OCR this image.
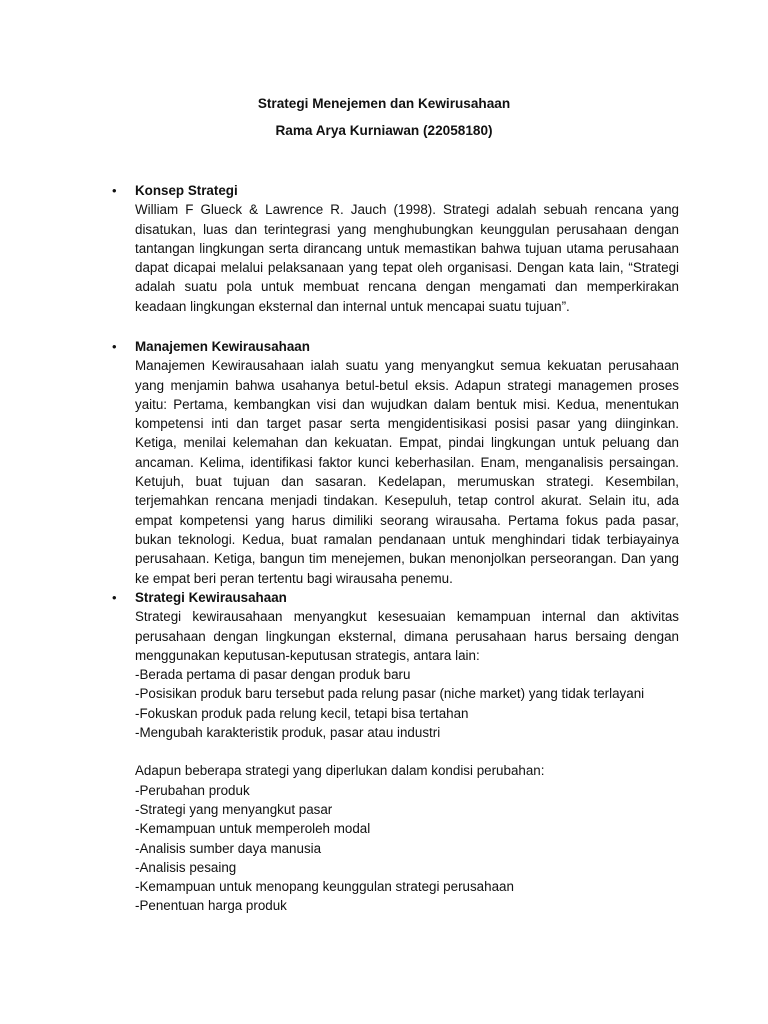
Strategi Menejemen dan Kewirusahaan
Rama Arya Kurniawan (22058180)
• Konsep Strategi

William F Glueck & Lawrence R. Jauch (1998). Strategi adalah sebuah rencana yang disatukan, luas dan terintegrasi yang menghubungkan keunggulan perusahaan dengan tantangan lingkungan serta dirancang untuk memastikan bahwa tujuan utama perusahaan dapat dicapai melalui pelaksanaan yang tepat oleh organisasi. Dengan kata lain, “Strategi adalah suatu pola untuk membuat rencana dengan mengamati dan memperkirakan keadaan lingkungan eksternal dan internal untuk mencapai suatu tujuan”.

• Manajemen Kewirausahaan

Manajemen Kewirausahaan ialah suatu yang menyangkut semua kekuatan perusahaan yang menjamin bahwa usahanya betul-betul eksis. Adapun strategi managemen proses yaitu: Pertama, kembangkan visi dan wujudkan dalam bentuk misi. Kedua, menentukan kompetensi inti dan target pasar serta mengidentisikasi posisi pasar yang diinginkan. Ketiga, menilai kelemahan dan kekuatan. Empat, pindai lingkungan untuk peluang dan ancaman. Kelima, identifikasi faktor kunci keberhasilan. Enam, menganalisis persaingan. Ketujuh, buat tujuan dan sasaran. Kedelapan, merumuskan strategi. Kesembilan, terjemahkan rencana menjadi tindakan. Kesepuluh, tetap control akurat. Selain itu, ada empat kompetensi yang harus dimiliki seorang wirausaha. Pertama fokus pada pasar, bukan teknologi. Kedua, buat ramalan pendanaan untuk menghindari tidak terbiayainya perusahaan. Ketiga, bangun tim menejemen, bukan menonjolkan perseorangan. Dan yang ke empat beri peran tertentu bagi wirausaha penemu.

• Strategi Kewirausahaan

Strategi kewirausahaan menyangkut kesesuaian kemampuan internal dan aktivitas perusahaan dengan lingkungan eksternal, dimana perusahaan harus bersaing dengan menggunakan keputusan-keputusan strategis, antara lain:

-Berada pertama di pasar dengan produk baru
-Posisikan produk baru tersebut pada relung pasar (niche market) yang tidak terlayani
-Fokuskan produk pada relung kecil, tetapi bisa tertahan
-Mengubah karakteristik produk, pasar atau industri

Adapun beberapa strategi yang diperlukan dalam kondisi perubahan:

-Perubahan produk
-Strategi yang menyangkut pasar
-Kemampuan untuk memperoleh modal
-Analisis sumber daya manusia
-Analisis pesaing
-Kemampuan untuk menopang keunggulan strategi perusahaan
-Penentuan harga produk
